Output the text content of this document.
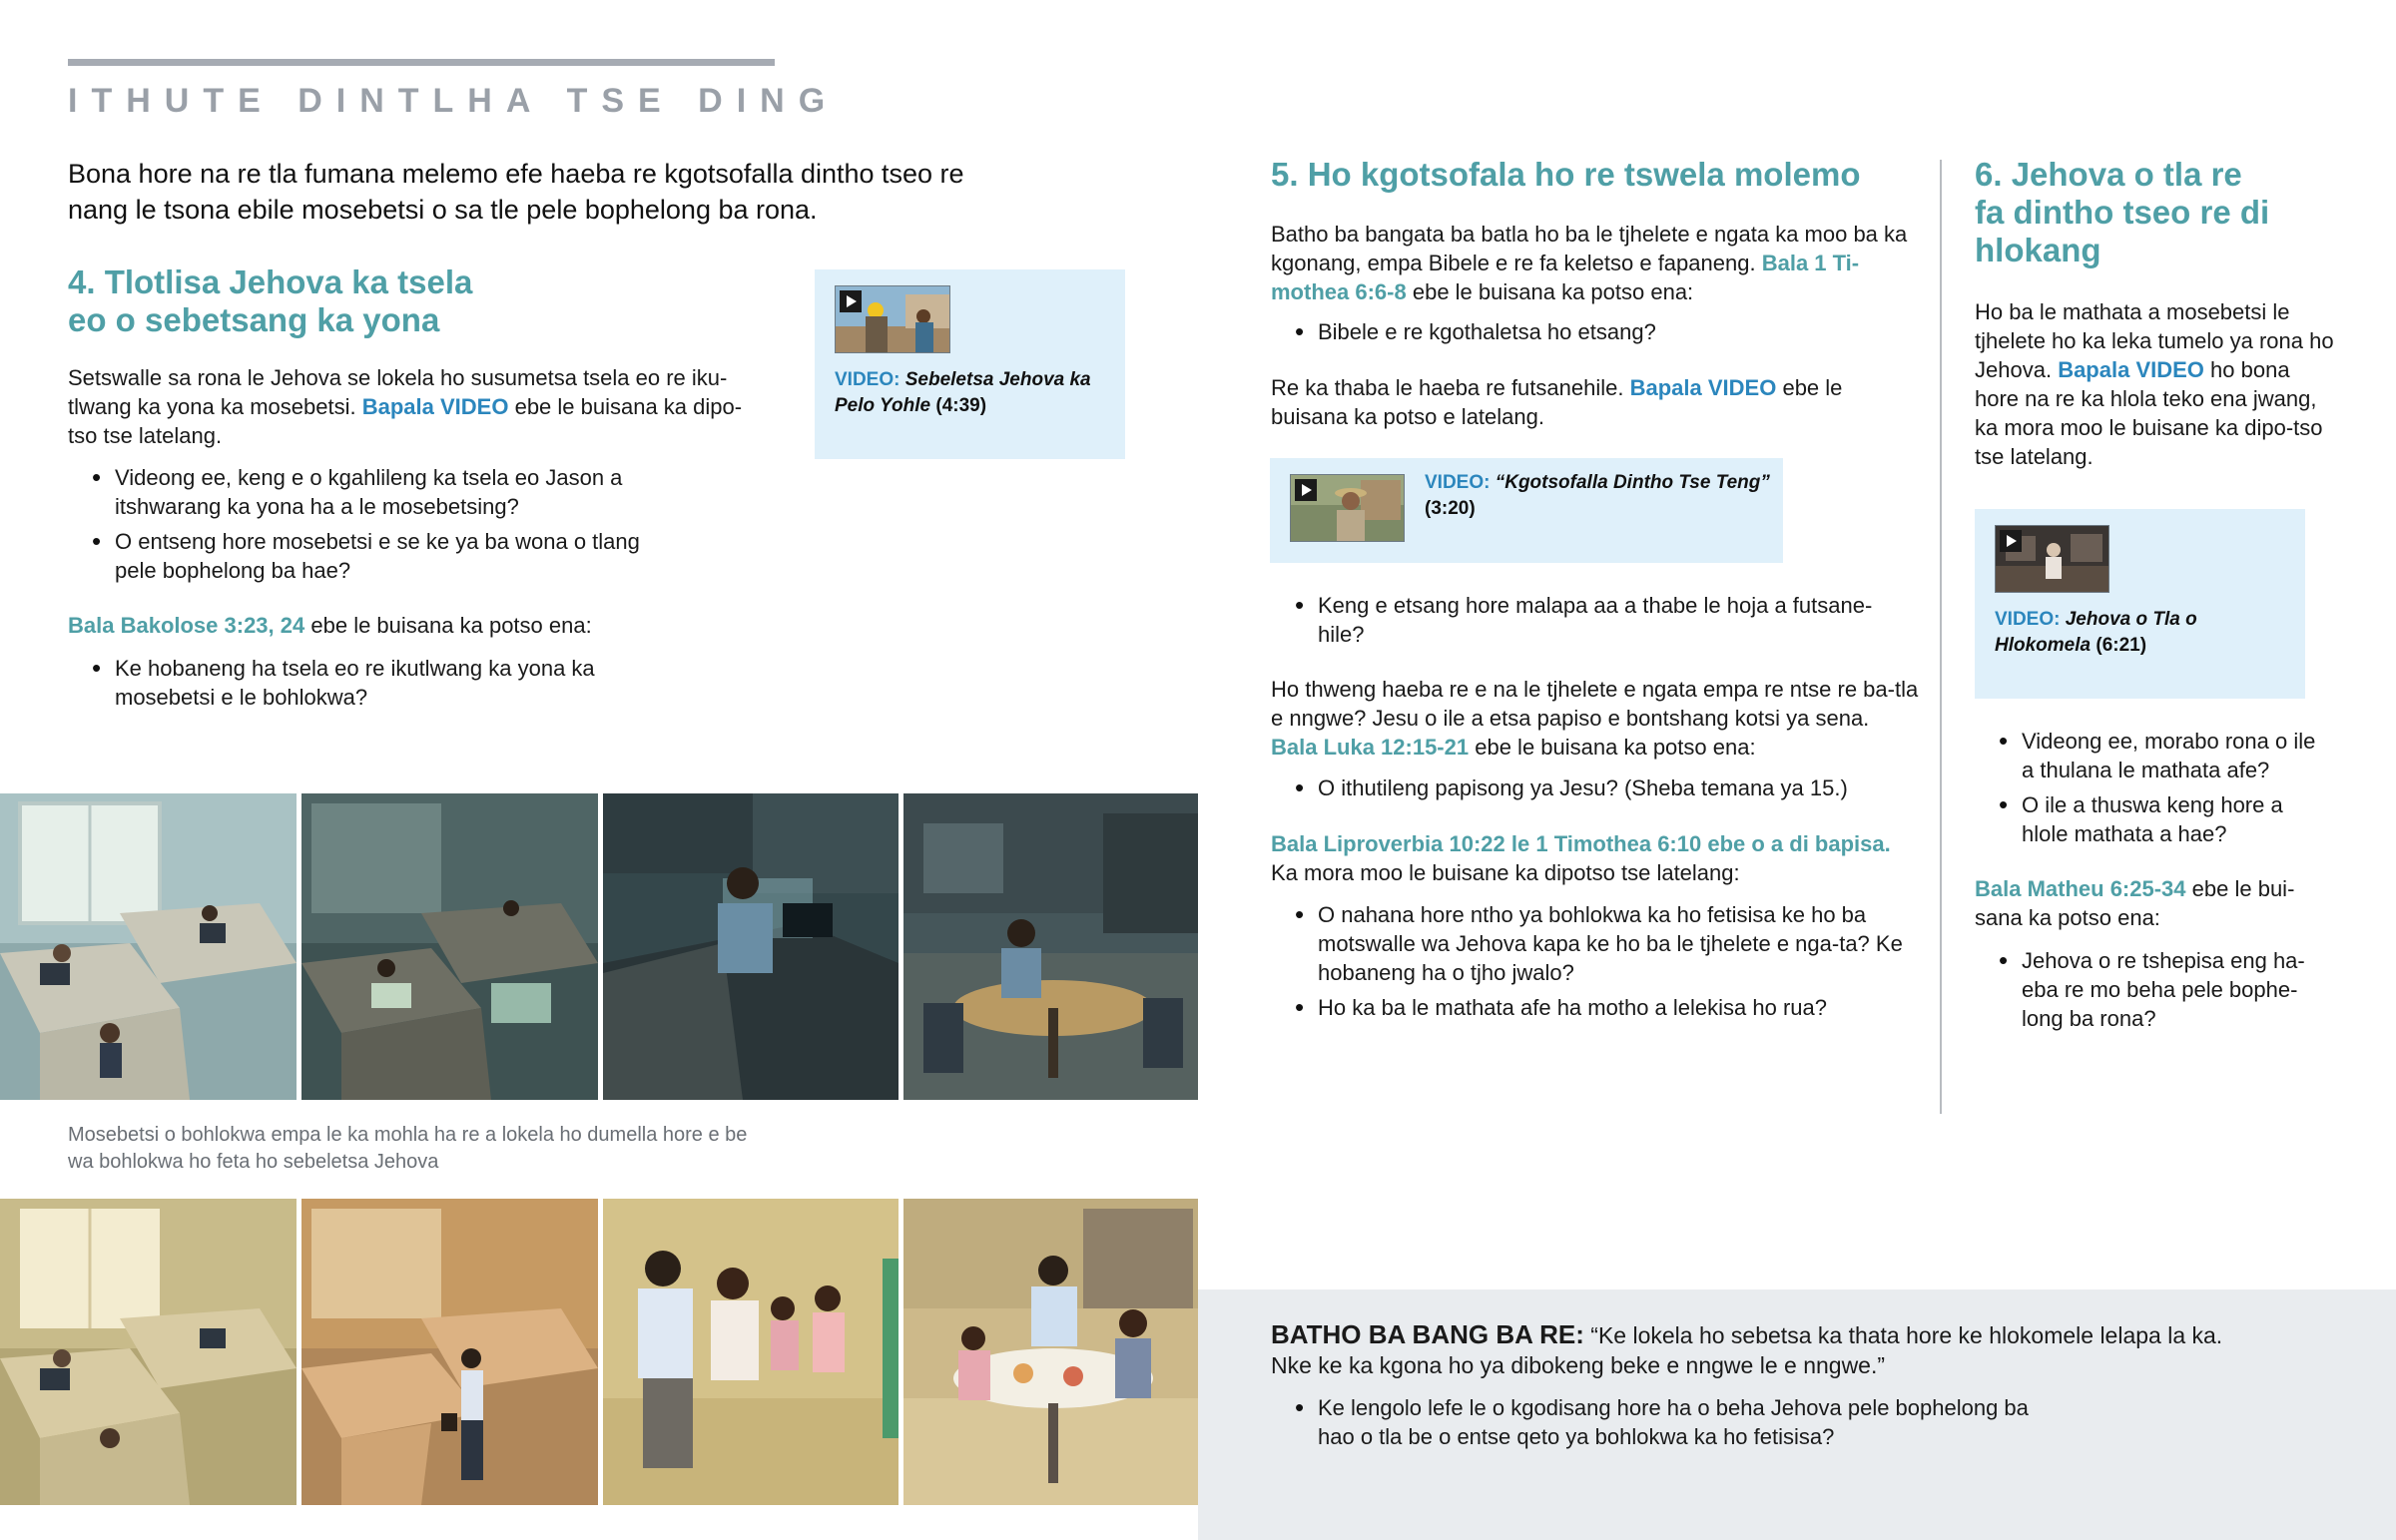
ITHUTE DINTLHA TSE DING
Bona hore na re tla fumana melemo efe haeba re kgotsofalla dintho tseo re nang le tsona ebile mosebetsi o sa tle pele bophelong ba rona.
4. Tlotlisa Jehova ka tsela
eo o sebetsang ka yona
Setswalle sa rona le Jehova se lokela ho susumetsa tsela eo re iku-tlwang ka yona ka mosebetsi. Bapala VIDEO ebe le buisana ka dipo-tso tse latelang.
• Videong ee, keng e o kgahlileng ka tsela eo Jason a itshwarang ka yona ha a le mosebetsing?
• O entseng hore mosebetsi e se ke ya ba wona o tlang pele bophelong ba hae?
Bala Bakolose 3:23, 24 ebe le buisana ka potso ena:
• Ke hobaneng ha tsela eo re ikutlwang ka yona ka mosebetsi e le bohlokwa?
VIDEO: Sebeletsa Jehova ka Pelo Yohle (4:39)
Mosebetsi o bohlokwa empa le ka mohla ha re a lokela ho dumella hore e be wa bohlokwa ho feta ho sebeletsa Jehova
5. Ho kgotsofala ho re tswela molemo
Batho ba bangata ba batla ho ba le tjhelete e ngata ka moo ba ka kgonang, empa Bibele e re fa keletso e fapaneng. Bala 1 Ti-mothea 6:6-8 ebe le buisana ka potso ena:
• Bibele e re kgothaletsa ho etsang?
Re ka thaba le haeba re futsanehile. Bapala VIDEO ebe le buisana ka potso e latelang.
VIDEO: “Kgotsofalla Dintho Tse Teng”
(3:20)
• Keng e etsang hore malapa aa a thabe le hoja a futsane-hile?
Ho thweng haeba re e na le tjhelete e ngata empa re ntse re ba-tla e nngwe? Jesu o ile a etsa papiso e bontshang kotsi ya sena. Bala Luka 12:15-21 ebe le buisana ka potso ena:
• O ithutileng papisong ya Jesu? (Sheba temana ya 15.)
Bala Liproverbia 10:22 le 1 Timothea 6:10 ebe o a di bapisa.
Ka mora moo le buisane ka dipotso tse latelang:
• O nahana hore ntho ya bohlokwa ka ho fetisisa ke ho ba motswalle wa Jehova kapa ke ho ba le tjhelete e nga-ta? Ke hobaneng ha o tjho jwalo?
• Ho ka ba le mathata afe ha motho a lelekisa ho rua?
6. Jehova o tla re
fa dintho tseo re di
hlokang
Ho ba le mathata a mosebetsi le tjhelete ho ka leka tumelo ya rona ho Jehova. Bapala VIDEO ho bona hore na re ka hlola teko ena jwang, ka mora moo le buisane ka dipo-tso tse latelang.
VIDEO: Jehova o Tla o Hlokomela (6:21)
• Videong ee, morabo rona o ile a thulana le mathata afe?
• O ile a thuswa keng hore a hlole mathata a hae?
Bala Matheu 6:25-34 ebe le bui-sana ka potso ena:
• Jehova o re tshepisa eng ha-eba re mo beha pele bophe-long ba rona?
BATHO BA BANG BA RE: “Ke lokela ho sebetsa ka thata hore ke hlokomele lelapa la ka. Nke ke ka kgona ho ya dibokeng beke e nngwe le e nngwe.”
• Ke lengolo lefe le o kgodisang hore ha o beha Jehova pele bophelong ba hao o tla be o entse qeto ya bohlokwa ka ho fetisisa?
